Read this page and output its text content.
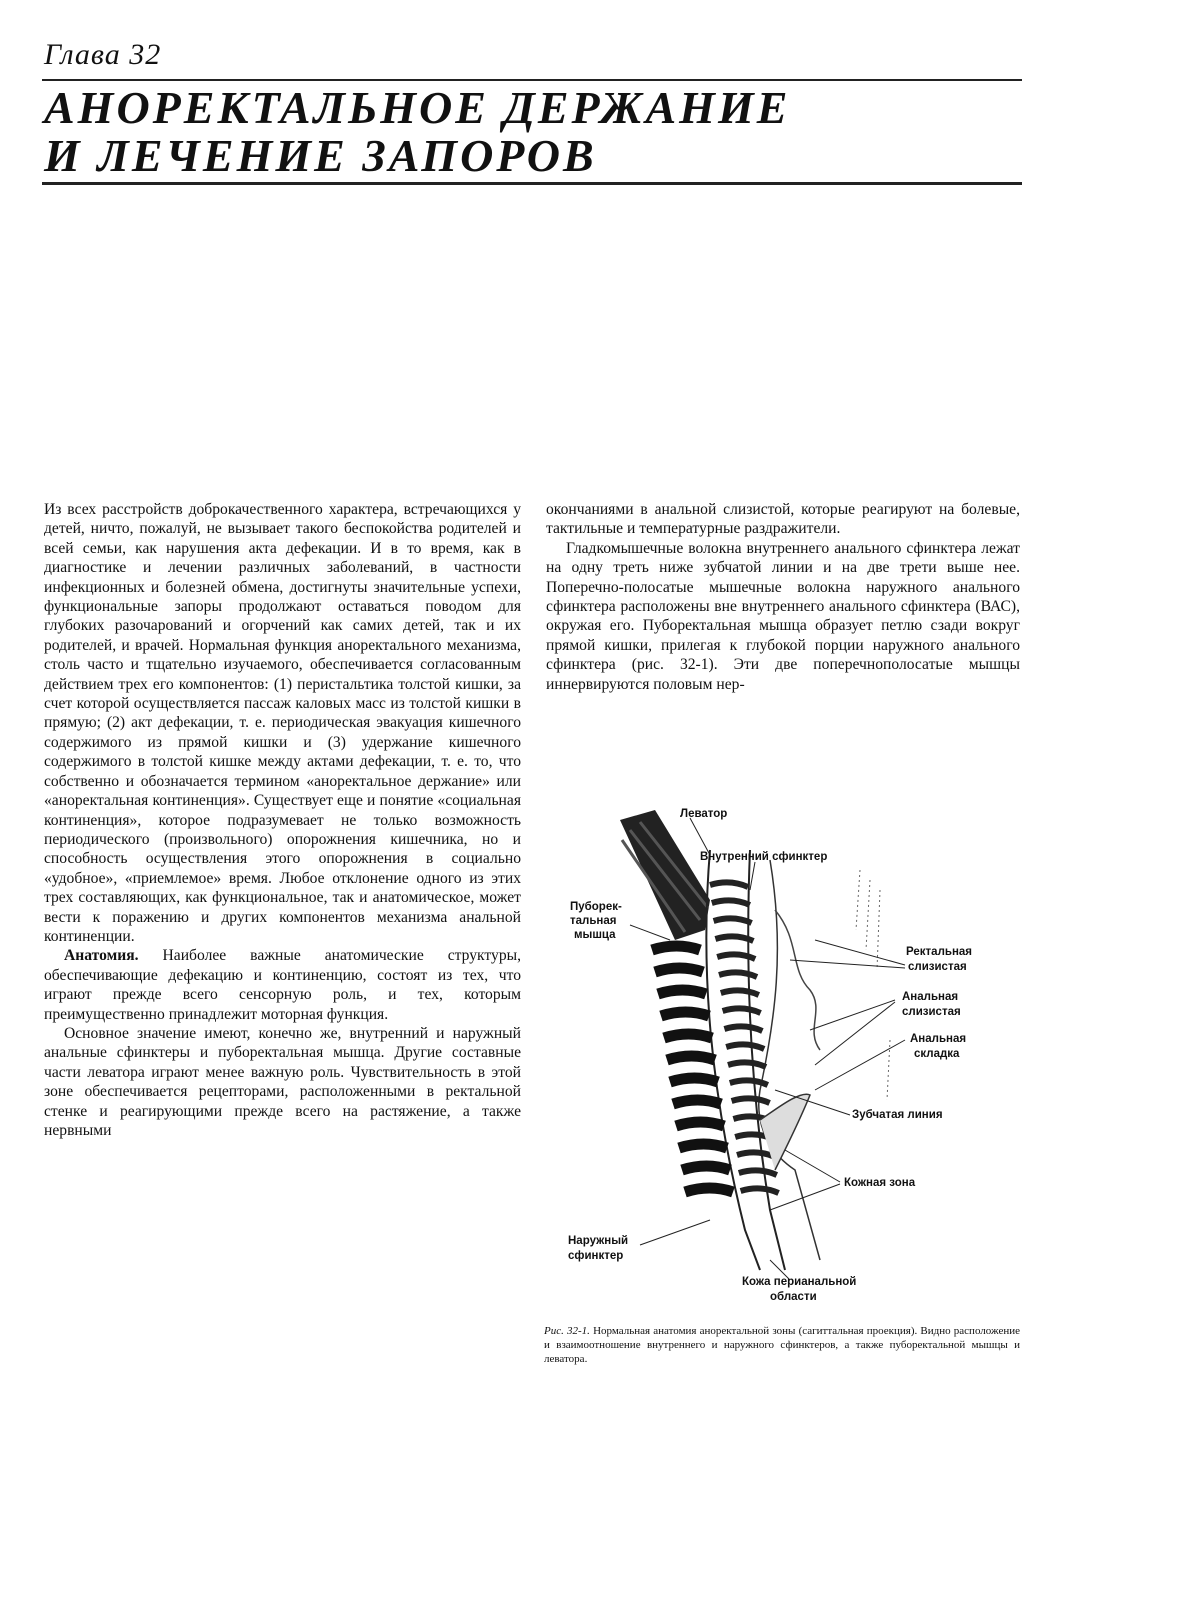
Глава 32
АНОРЕКТАЛЬНОЕ ДЕРЖАНИЕ
И ЛЕЧЕНИЕ ЗАПОРОВ

Из всех расстройств доброкачественного характера, встречающихся у детей, ничто, пожалуй, не вызывает такого беспокойства родителей и всей семьи, как нарушения акта дефекации. И в то время, как в диагностике и лечении различных заболеваний, в частности инфекционных и болезней обмена, достигнуты значительные успехи, функциональные запоры продолжают оставаться поводом для глубоких разочарований и огорчений как самих детей, так и их родителей, и врачей. Нормальная функция аноректального механизма, столь часто и тщательно изучаемого, обеспечивается согласованным действием трех его компонентов: (1) перистальтика толстой кишки, за счет которой осуществляется пассаж каловых масс из толстой кишки в прямую; (2) акт дефекации, т. е. периодическая эвакуация кишечного содержимого из прямой кишки и (3) удержание кишечного содержимого в толстой кишке между актами дефекации, т. е. то, что собственно и обозначается термином «аноректальное держание» или «аноректальная континенция». Существует еще и понятие «социальная континенция», которое подразумевает не только возможность периодического (произвольного) опорожнения кишечника, но и способность осуществления этого опорожнения в социально «удобное», «приемлемое» время. Любое отклонение одного из этих трех составляющих, как функциональное, так и анатомическое, может вести к поражению и других компонентов механизма анальной континенции.

Анатомия. Наиболее важные анатомические структуры, обеспечивающие дефекацию и континенцию, состоят из тех, что играют прежде всего сенсорную роль, и тех, которым преимущественно принадлежит моторная функция.

Основное значение имеют, конечно же, внутренний и наружный анальные сфинктеры и пуборектальная мышца. Другие составные части леватора играют менее важную роль. Чувствительность в этой зоне обеспечивается рецепторами, расположенными в ректальной стенке и реагирующими прежде всего на растяжение, а также нервными

окончаниями в анальной слизистой, которые реагируют на болевые, тактильные и температурные раздражители.

Гладкомышечные волокна внутреннего анального сфинктера лежат на одну треть ниже зубчатой линии и на две трети выше нее. Поперечно-полосатые мышечные волокна наружного анального сфинктера расположены вне внутреннего анального сфинктера (ВАС), окружая его. Пуборектальная мышца образует петлю сзади вокруг прямой кишки, прилегая к глубокой порции наружного анального сфинктера (рис. 32-1). Эти две поперечнополосатые мышцы иннервируются половым нер-

Леватор
Внутренний сфинктер
Пуборек-
тальная
мышца
Ректальная
слизистая
Анальная
слизистая
Анальная
складка
Зубчатая линия
Кожная зона
Наружный
сфинктер
Кожа перианальной
области
Рис. 32-1. Нормальная анатомия аноректальной зоны (сагиттальная проекция). Видно расположение и взаимоотношение внутреннего и наружного сфинктеров, а также пуборектальной мышцы и леватора.
